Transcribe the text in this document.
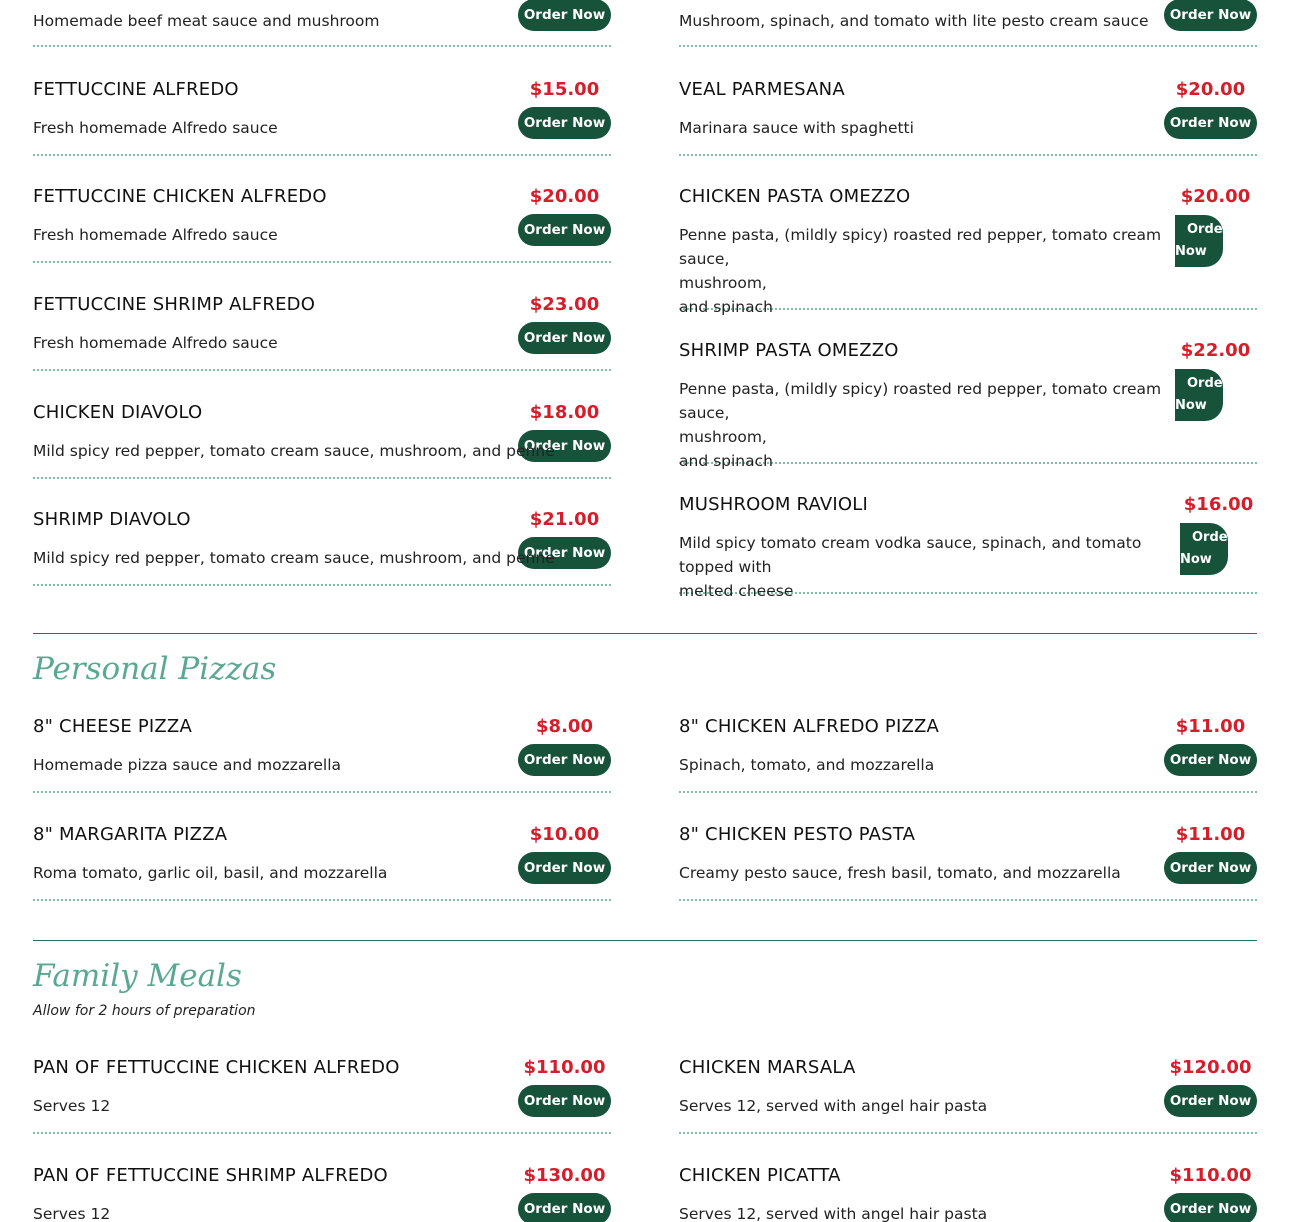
Homemade beef meat sauce and mushroom	Order Now
FETTUCCINE ALFREDO	$15.00
Order Now
Fresh homemade Alfredo sauce
FETTUCCINE CHICKEN ALFREDO	$20.00
Order Now
Fresh homemade Alfredo sauce
FETTUCCINE SHRIMP ALFREDO	$23.00
Order Now
Fresh homemade Alfredo sauce
CHICKEN DIAVOLO	$18.00
Order Now
Mild spicy red pepper, tomato cream sauce, mushroom, and penne
SHRIMP DIAVOLO	$21.00
Order Now
Mild spicy red pepper, tomato cream sauce, mushroom, and penne
Mushroom, spinach, and tomato with lite pesto cream sauce	Order Now
VEAL PARMESANA	$20.00
Order Now
Marinara sauce with spaghetti
CHICKEN PASTA OMEZZO	$20.00
Order
Now
Penne pasta, (mildly spicy) roasted red pepper, tomato cream sauce,
mushroom,
and spinach
SHRIMP PASTA OMEZZO	$22.00
Order
Now
Penne pasta, (mildly spicy) roasted red pepper, tomato cream sauce,
mushroom,
and spinach
MUSHROOM RAVIOLI	$16.00
Order
Now
Mild spicy tomato cream vodka sauce, spinach, and tomato topped with
melted cheese
Personal Pizzas
8" CHEESE PIZZA	$8.00
Order Now
Homemade pizza sauce and mozzarella
8" MARGARITA PIZZA	$10.00
Order Now
Roma tomato, garlic oil, basil, and mozzarella
8" CHICKEN ALFREDO PIZZA	$11.00
Order Now
Spinach, tomato, and mozzarella
8" CHICKEN PESTO PASTA	$11.00
Order Now
Creamy pesto sauce, fresh basil, tomato, and mozzarella
Family Meals
Allow for 2 hours of preparation
PAN OF FETTUCCINE CHICKEN ALFREDO	$110.00
Order Now
Serves 12
PAN OF FETTUCCINE SHRIMP ALFREDO	$130.00
Order Now
Serves 12
CHICKEN MARSALA	$120.00
Order Now
Serves 12, served with angel hair pasta
CHICKEN PICATTA	$110.00
Order Now
Serves 12, served with angel hair pasta
